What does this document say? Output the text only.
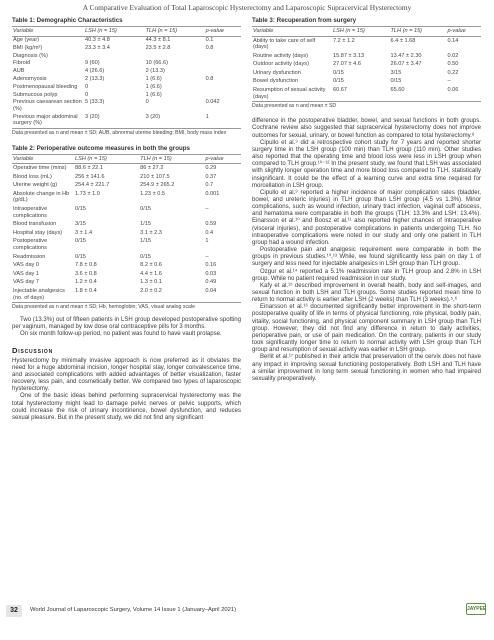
A Comparative Evaluation of Total Laparoscopic Hysterectomy and Laparoscopic Supracervical Hysterectomy
Table 1: Demographic Characteristics
Variable	LSH (n = 15)	TLH (n = 15)	p-value
Age (year)	40.3 ± 4.8	44.3 ± 8.1	0.1
BMI (kg/m²)	23.3 ± 3.4	23.5 ± 2.8	0.8
Diagnosis (%)			
Fibroid	9 (60)	10 (66.6)	
AUB	4 (26.6)	2 (13.3)	
Adenomyosis	2 (13.3)	1 (6.6)	0.8
Postmenopausal bleeding	0	1 (6.6)	
Submucous polyp	0	1 (6.6)	
Previous caesarean section (%)	5 (33.3)	0	0.042
Previous major abdominal surgery (%)	3 (20)	3 (20)	1
Data presented as n and mean ± SD; AUB, abnormal uterine bleeding; BMI, body mass index
Table 2: Perioperative outcome measures in both the groups
Variable	LSH (n = 15)	TLH (n = 15)	p-value
Operative time (mins)	88.6 ± 22.1	86 ± 27.2	0.29
Blood loss (mL)	256 ± 141.6	210 ± 107.5	0.37
Uterine weight (g)	254.4 ± 221.7	254.9 ± 265.2	0.7
Absolute change in Hb (g/dL)	1.73 ± 1.0	1.23 ± 0.5	0.001
Intraoperative complications	0/15	0/15	–
Blood transfusion	3/15	1/15	0.59
Hospital stay (days)	3 ± 1.4	3.1 ± 2.3	0.4
Postoperative complications	0/15	1/15	1
Readmission	0/15	0/15	–
VAS day 0	7.8 ± 0.8	8.2 ± 0.6	0.16
VAS day 1	3.6 ± 0.8	4.4 ± 1.6	0.03
VAS day 7	1.2 ± 0.4	1.3 ± 0.1	0.49
Injectable analgesics (no. of days)	1.8 ± 0.4	2.0 ± 0.2	0.04
Data presented as n and mean ± SD; Hb, hemoglobin; VAS, visual analog scale

Two (13.3%) out of fifteen patients in LSH group developed postoperative spotting per vaginum, managed by low dose oral contraceptive pills for 3 months.

On six month follow-up period, no patient was found to have vault prolapse.

Discussion

Hysterectomy by minimally invasive approach is now preferred as it obviates the need for a huge abdominal incision, longer hospital stay, longer convalescence time, and associated complications with added advantages of better visualization, faster recovery, less pain, and cosmetically better. We compared two types of laparoscopic hysterectomy.

One of the basic ideas behind performing supracervical hysterectomy was the total hysterectomy might lead to damage pelvic nerves or pelvic supports, which could increase the risk of urinary incontinence, bowel dysfunction, and reduces sexual pleasure. But in the present study, we did not find any significant

Table 3: Recuperation from surgery
Variable	LSH (n = 15)	TLH (n = 15)	p-value
Ability to take care of self (days)	7.2 ± 1.2	6.4 ± 1.68	0.14
Routine activity (days)	15.87 ± 3.13	13.47 ± 2.30	0.02
Outdoor activity (days)	27.07 ± 4.6	26.07 ± 3.47	0.50
Urinary dysfunction	0/15	3/15	0.22
Bowel dysfunction	0/15	0/15	–
Resumption of sexual activity (days)	60.67	65.60	0.06
Data presented as n and mean ± SD

difference in the postoperative bladder, bowel, and sexual functions in both groups. Cochrane review also suggested that supracervical hysterectomy does not improve outcomes for sexual, urinary, or bowel function as compared to total hysterectomy.⁸

Cipullo et al.⁹ did a retrospective cohort study for 7 years and reported shorter surgery time in the LSH group (100 min) than TLH group (110 min). Other studies also reported that the operating time and blood loss were less in LSH group when compared to TLH group.¹⁰⁻¹² In the present study, we found that LSH was associated with slightly longer operation time and more blood loss compared to TLH, statistically insignificant. It could be the effect of a learning curve and extra time required for morcellation in LSH group.

Cipullo et al.⁹ reported a higher incidence of major complication rates (bladder, bowel, and ureteric injuries) in TLH group than LSH group (4.5 vs 1.3%). Minor complications, such as wound infection, urinary tract infection, vaginal cuff abscess, and hematoma were comparable in both the groups (TLH: 13.3% and LSH: 13.4%). Einarsson et al.¹⁰ and Boosz et al.¹¹ also reported higher chances of intraoperative (visceral injuries), and postoperative complications in patients undergoing TLH. No intraoperative complications were noted in our study and only one patient in TLH group had a wound infection.

Postoperative pain and analgesic requirement were comparable in both the groups in previous studies.¹⁰,¹³ While, we found significantly less pain on day 1 of surgery and less need for injectable analgesics in LSH group than TLH group.

Ozgur et al.¹⁴ reported a 5.1% readmission rate in TLH group and 2.8% in LSH group. While no patient required readmission in our study.

Kafy et al.¹⁵ described improvement in overall health, body and self-images, and sexual function in both LSH and TLH groups. Some studies reported mean time to return to normal activity is earlier after LSH (2 weeks) than TLH (3 weeks).⁵,⁶

Einarsson et al.¹⁶ documented significantly better improvement in the short-term postoperative quality of life in terms of physical functioning, role physical, bodily pain, vitality, social functioning, and physical component summary in LSH group than TLH group. However, they did not find any difference in return to daily activities, perioperative pain, or use of pain medication. On the contrary, patients in our study took significantly longer time to return to normal activity with LSH group than TLH group and resumption of sexual activity was earlier in LSH group.

Berlit et al.¹⁷ published in their article that preservation of the cervix does not have any impact in improving sexual functioning postoperatively. Both LSH and TLH have a similar improvement in long term sexual functioning in women who had impaired sexuality preoperatively.

32	World Journal of Laparoscopic Surgery, Volume 14 Issue 1 (January–April 2021)	JAYPEE
